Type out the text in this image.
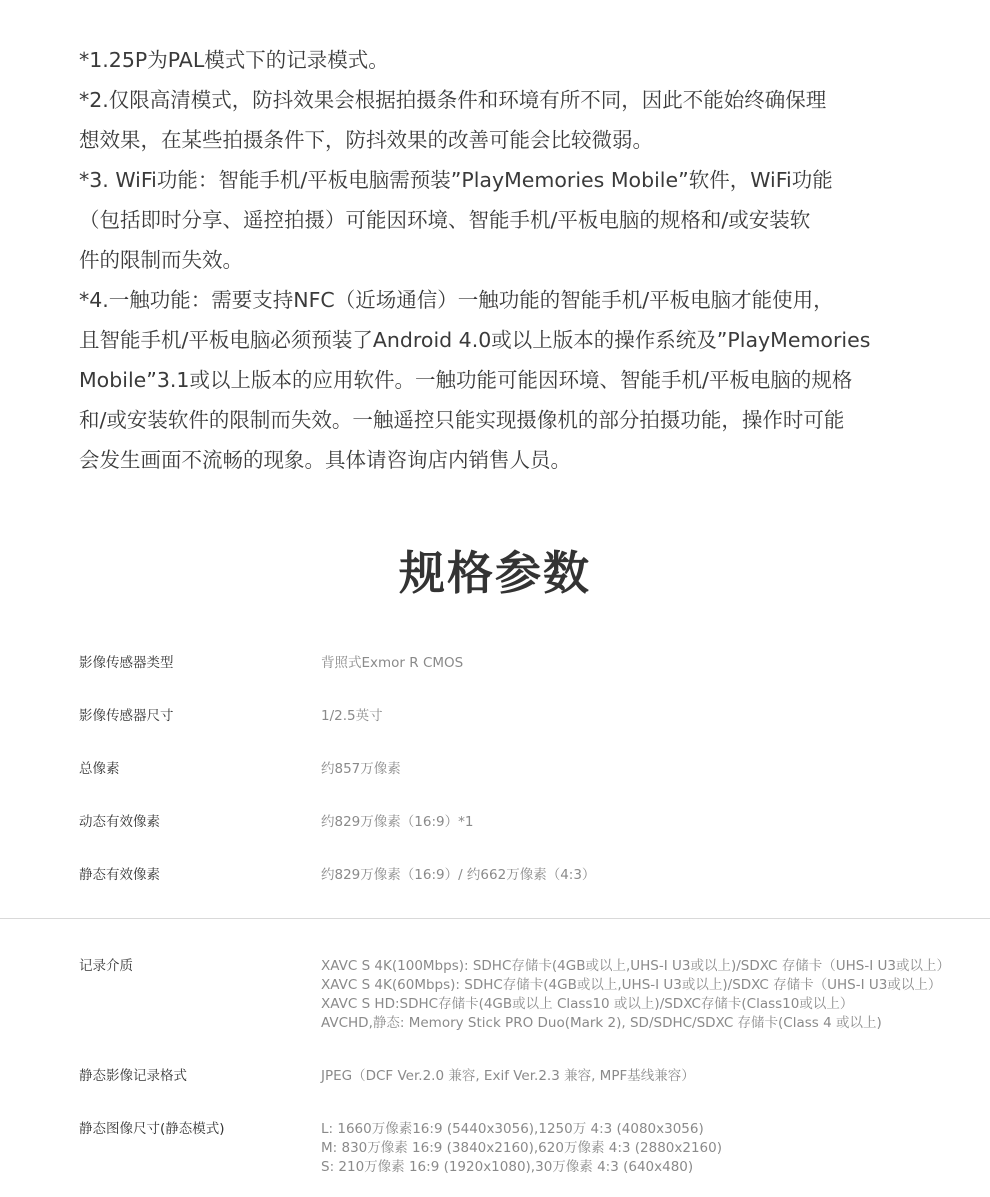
*1.25P为PAL模式下的记录模式。
*2.仅限高清模式，防抖效果会根据拍摄条件和环境有所不同，因此不能始终确保理
想效果，在某些拍摄条件下，防抖效果的改善可能会比较微弱。
*3. WiFi功能：智能手机/平板电脑需预装”PlayMemories Mobile”软件，WiFi功能
（包括即时分享、遥控拍摄）可能因环境、智能手机/平板电脑的规格和/或安装软
件的限制而失效。
*4.一触功能：需要支持NFC（近场通信）一触功能的智能手机/平板电脑才能使用，
且智能手机/平板电脑必须预装了Android 4.0或以上版本的操作系统及”PlayMemories
Mobile”3.1或以上版本的应用软件。一触功能可能因环境、智能手机/平板电脑的规格
和/或安装软件的限制而失效。一触遥控只能实现摄像机的部分拍摄功能，操作时可能
会发生画面不流畅的现象。具体请咨询店内销售人员。
规格参数
影像传感器类型	背照式Exmor R CMOS
影像传感器尺寸	1/2.5英寸
总像素	约857万像素
动态有效像素	约829万像素（16:9）*1
静态有效像素	约829万像素（16:9）/ 约662万像素（4:3）
记录介质	XAVC S 4K(100Mbps): SDHC存储卡(4GB或以上,UHS-I U3或以上)/SDXC 存储卡（UHS-I U3或以上）
XAVC S 4K(60Mbps): SDHC存储卡(4GB或以上,UHS-I U3或以上)/SDXC 存储卡（UHS-I U3或以上）
XAVC S HD:SDHC存储卡(4GB或以上 Class10 或以上)/SDXC存储卡(Class10或以上）
AVCHD,静态: Memory Stick PRO Duo(Mark 2), SD/SDHC/SDXC 存储卡(Class 4 或以上)
静态影像记录格式	JPEG（DCF Ver.2.0 兼容, Exif Ver.2.3 兼容, MPF基线兼容）
静态图像尺寸(静态模式)	L: 1660万像素16:9 (5440x3056),1250万 4:3 (4080x3056)
M: 830万像素 16:9 (3840x2160),620万像素 4:3 (2880x2160)
S: 210万像素 16:9 (1920x1080),30万像素 4:3 (640x480)
